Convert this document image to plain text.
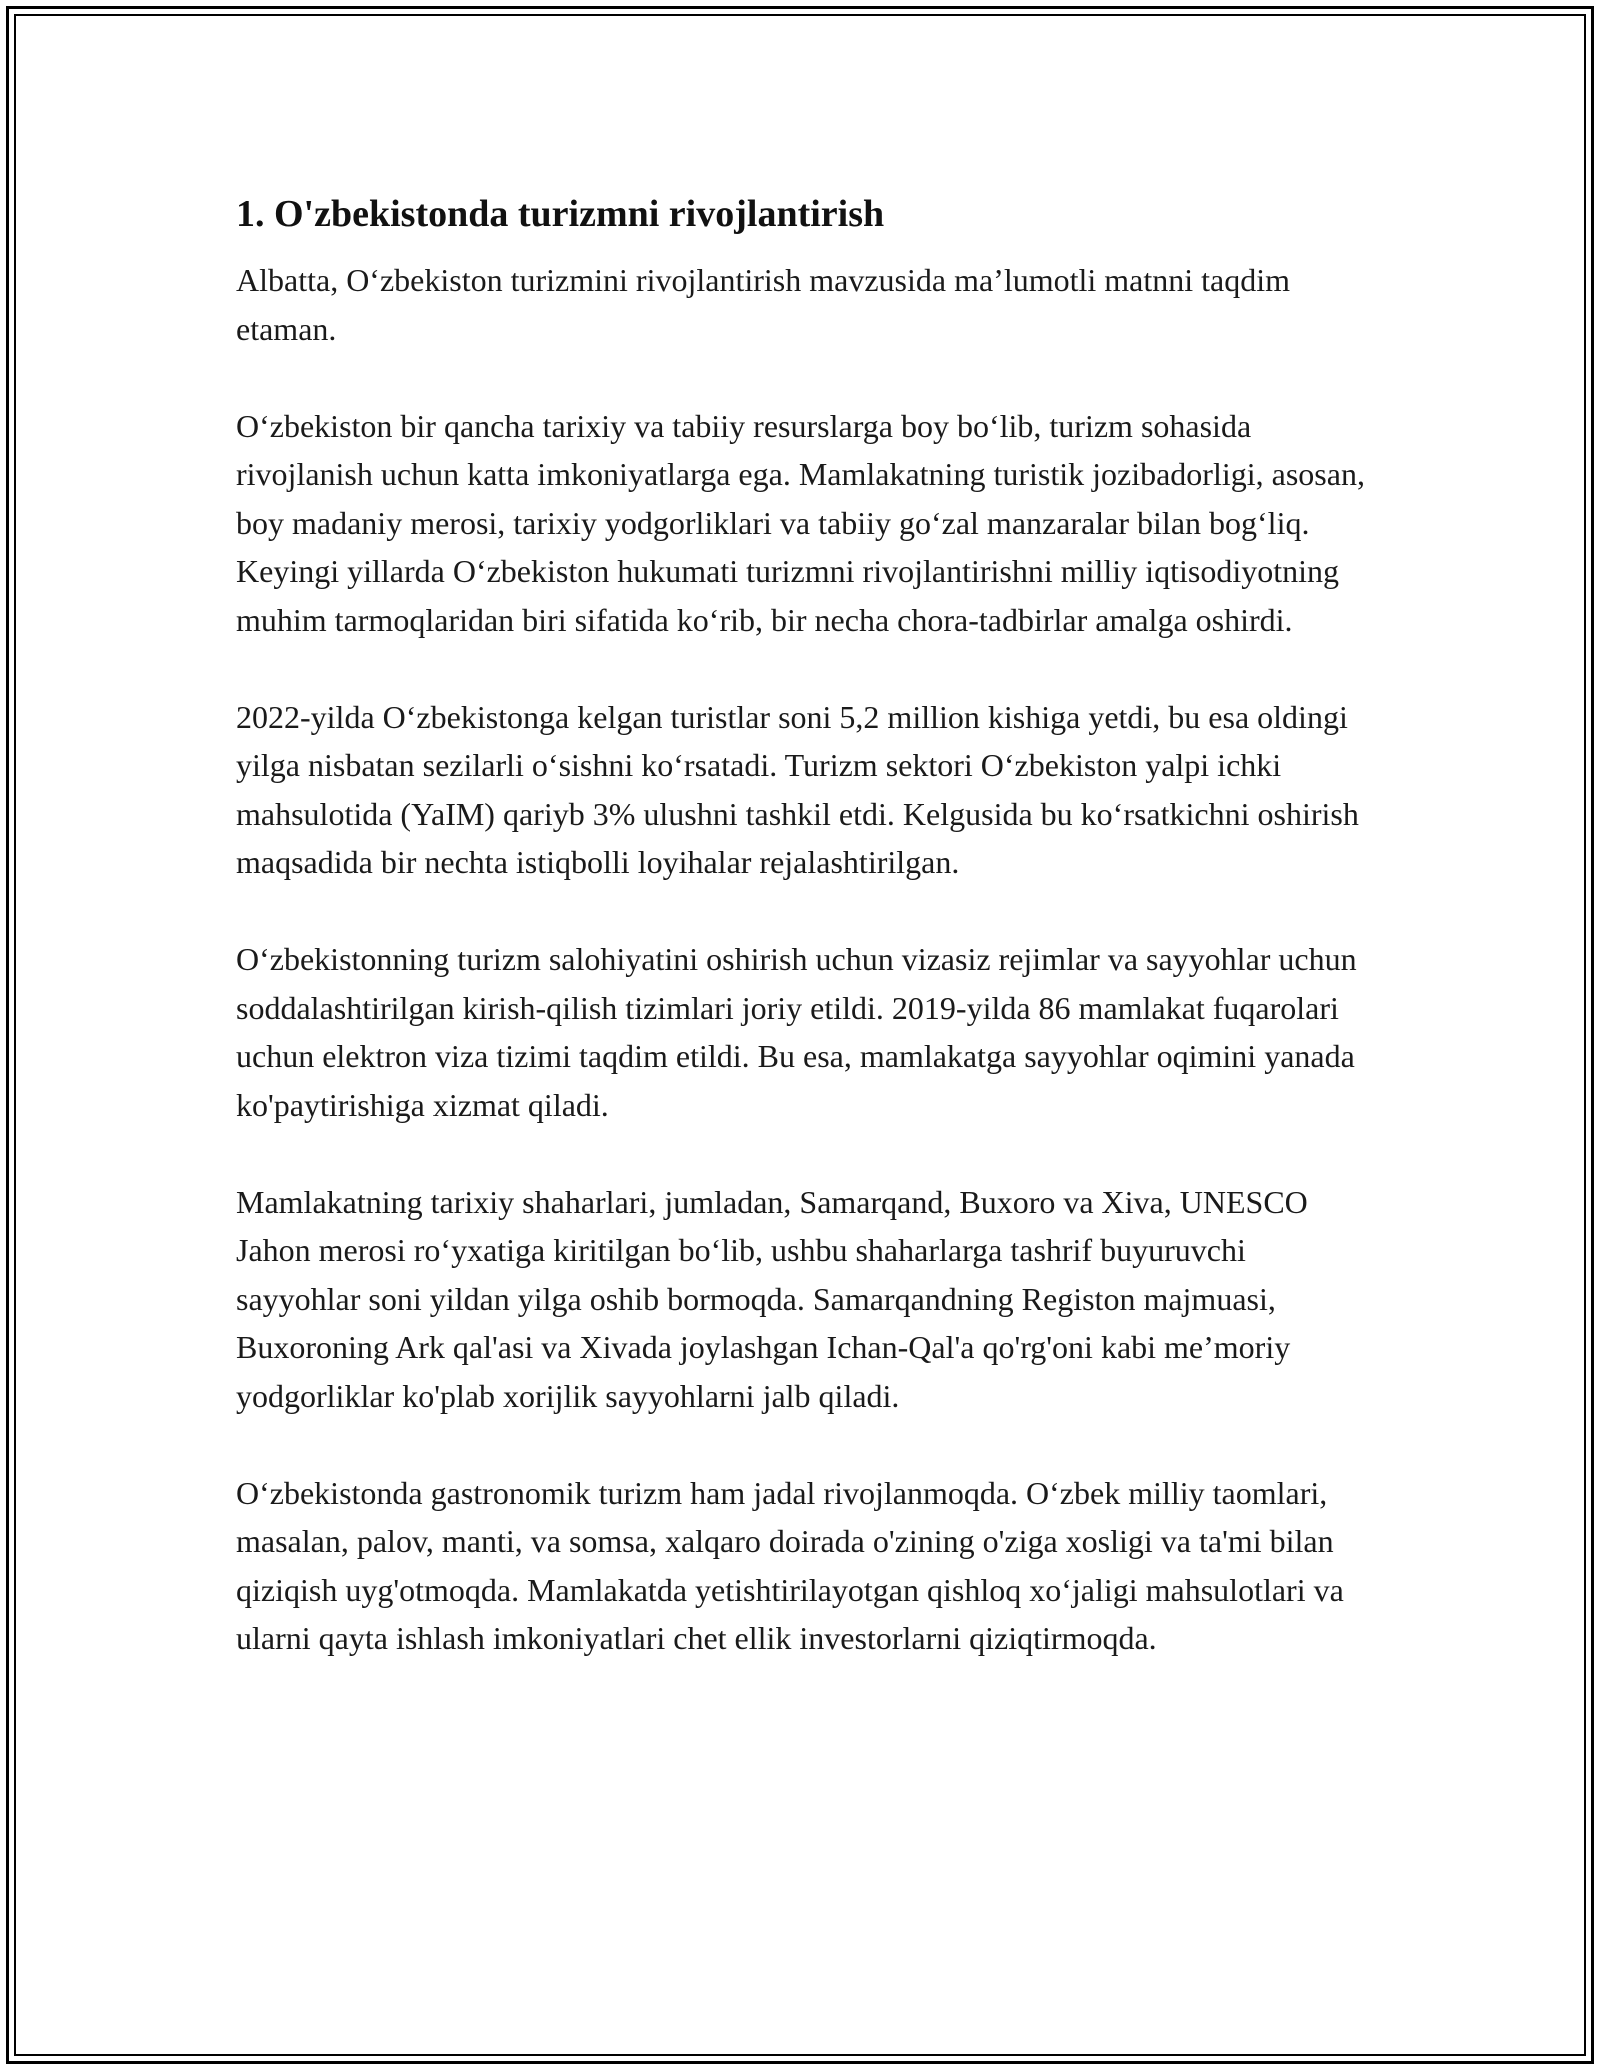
1. O'zbekistonda turizmni rivojlantirish

Albatta, O‘zbekiston turizmini rivojlantirish mavzusida ma’lumotli matnni taqdim etaman.

O‘zbekiston bir qancha tarixiy va tabiiy resurslarga boy bo‘lib, turizm sohasida rivojlanish uchun katta imkoniyatlarga ega. Mamlakatning turistik jozibadorligi, asosan, boy madaniy merosi, tarixiy yodgorliklari va tabiiy go‘zal manzaralar bilan bog‘liq. Keyingi yillarda O‘zbekiston hukumati turizmni rivojlantirishni milliy iqtisodiyotning muhim tarmoqlaridan biri sifatida ko‘rib, bir necha chora-tadbirlar amalga oshirdi.

2022-yilda O‘zbekistonga kelgan turistlar soni 5,2 million kishiga yetdi, bu esa oldingi yilga nisbatan sezilarli o‘sishni ko‘rsatadi. Turizm sektori O‘zbekiston yalpi ichki mahsulotida (YaIM) qariyb 3% ulushni tashkil etdi. Kelgusida bu ko‘rsatkichni oshirish maqsadida bir nechta istiqbolli loyihalar rejalashtirilgan.

O‘zbekistonning turizm salohiyatini oshirish uchun vizasiz rejimlar va sayyohlar uchun soddalashtirilgan kirish-qilish tizimlari joriy etildi. 2019-yilda 86 mamlakat fuqarolari uchun elektron viza tizimi taqdim etildi. Bu esa, mamlakatga sayyohlar oqimini yanada ko'paytirishiga xizmat qiladi.

Mamlakatning tarixiy shaharlari, jumladan, Samarqand, Buxoro va Xiva, UNESCO Jahon merosi ro‘yxatiga kiritilgan bo‘lib, ushbu shaharlarga tashrif buyuruvchi sayyohlar soni yildan yilga oshib bormoqda. Samarqandning Registon majmuasi, Buxoroning Ark qal'asi va Xivada joylashgan Ichan-Qal'a qo'rg'oni kabi me’moriy yodgorliklar ko'plab xorijlik sayyohlarni jalb qiladi.

O‘zbekistonda gastronomik turizm ham jadal rivojlanmoqda. O‘zbek milliy taomlari, masalan, palov, manti, va somsa, xalqaro doirada o'zining o'ziga xosligi va ta'mi bilan qiziqish uyg'otmoqda. Mamlakatda yetishtirilayotgan qishloq xo‘jaligi mahsulotlari va ularni qayta ishlash imkoniyatlari chet ellik investorlarni qiziqtirmoqda.
